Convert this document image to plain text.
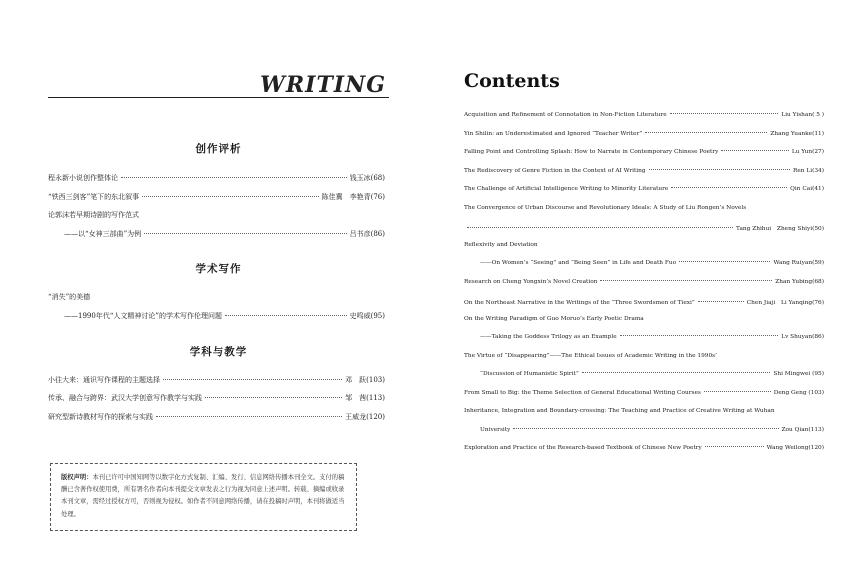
WRITING
创作评析
程永新小说创作整体论	钱玉冰(68)
“铁西三剑客”笔下的东北叙事	陈佳冀　李艳青(76)
论郭沫若早期诗剧的写作范式
——以“女神三部曲”为例	吕书彦(86)
学术写作
“消失”的美德
——1990年代“人文精神讨论”的学术写作伦理问题	史鸣威(95)
学科与教学
小往大来：通识写作课程的主题选择	邓　跃(103)
传承、融合与跨界：武汉大学创意写作教学与实践	邹　茜(113)
研究型新诗教材写作的探索与实践	王威龙(120)
版权声明：本刊已许可中国知网等以数字化方式复制、汇编、发行、信息网络传播本刊全文。支付的稿酬已含著作权使用费，所有署名作者向本刊提交文章发表之行为视为同意上述声明。转载、摘编或收录本刊文章，需经过授权方可，否则视为侵权。如作者不同意网络传播，请在投稿时声明，本刊将做适当处理。
Contents
Acquisition and Refinement of Connotation in Non-Fiction Literature	Liu Yishan( 5 )
Yin Shilin: an Underestimated and Ignored “Teacher Writer”	Zhang Yuanke(11)
Falling Point and Controlling Splash: How to Narrate in Contemporary Chinese Poetry	Lu Yun(27)
The Rediscovery of Genre Fiction in the Context of AI Writing	Ren Li(34)
The Challenge of Artificial Intelligence Writing to Minority Literature	Qin Cai(41)
The Convergence of Urban Discourse and Revolutionary Ideals: A Study of Liu Rongen’s Novels
Tang Zhihui　Zheng Shiyi(50)
Reflexivity and Deviation
——On Women’s “Seeing” and “Being Seen” in Life and Death Fuo	Wang Ruiyan(59)
Research on Cheng Yongxin’s Novel Creation	Zhan Yubing(68)
On the Northeast Narrative in the Writings of the “Three Swordsmen of Tiexi”	Chen Jiaji　Li Yanqing(76)
On the Writing Paradigm of Guo Moruo’s Early Poetic Drama
——Taking the Goddess Trilogy as an Example	Lv Shuyan(86)
The Virtue of “Disappearing”——The Ethical Issues of Academic Writing in the 1990s’
“Discussion of Humanistic Spirit”	Shi Mingwei (95)
From Small to Big: the Theme Selection of General Educational Writing Courses	Deng Geng (103)
Inheritance, Integration and Boundary-crossing: The Teaching and Practice of Creative Writing at Wuhan
University	Zou Qian(113)
Exploration and Practice of the Research-based Textbook of Chinese New Poetry	Wang Weilong(120)
